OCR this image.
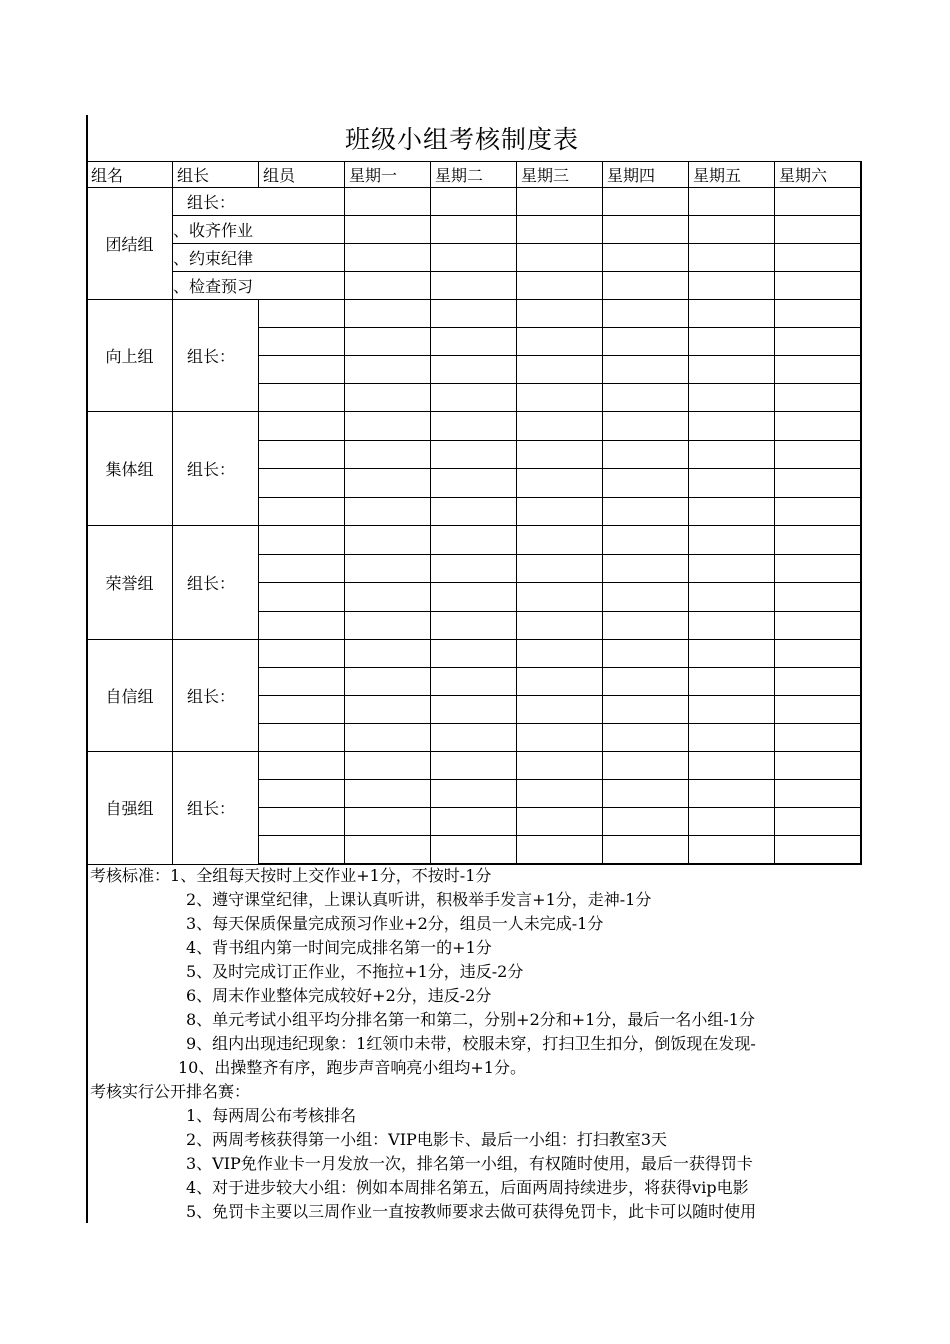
班级小组考核制度表
组名	组长	组员	星期一	星期二	星期三	星期四	星期五	星期六
团结组	组长：							
	、收齐作业							
	、约束纪律							
	、检查预习							
向上组	组长：							

集体组	组长：							

荣誉组	组长：							

自信组	组长：							

自强组	组长：							

考核标准：1、全组每天按时上交作业+1分，不按时-1分
2、遵守课堂纪律，上课认真听讲，积极举手发言+1分，走神-1分
3、每天保质保量完成预习作业+2分，组员一人未完成-1分
4、背书组内第一时间完成排名第一的+1分
5、及时完成订正作业，不拖拉+1分，违反-2分
6、周末作业整体完成较好+2分，违反-2分
8、单元考试小组平均分排名第一和第二，分别+2分和+1分，最后一名小组-1分
9、组内出现违纪现象：1红领巾未带，校服未穿，打扫卫生扣分，倒饭现在发现-
10、出操整齐有序，跑步声音响亮小组均+1分。
考核实行公开排名赛：
1、每两周公布考核排名
2、两周考核获得第一小组：VIP电影卡、最后一小组：打扫教室3天
3、VIP免作业卡一月发放一次，排名第一小组，有权随时使用，最后一获得罚卡
4、对于进步较大小组：例如本周排名第五，后面两周持续进步，将获得vip电影
5、免罚卡主要以三周作业一直按教师要求去做可获得免罚卡，此卡可以随时使用
